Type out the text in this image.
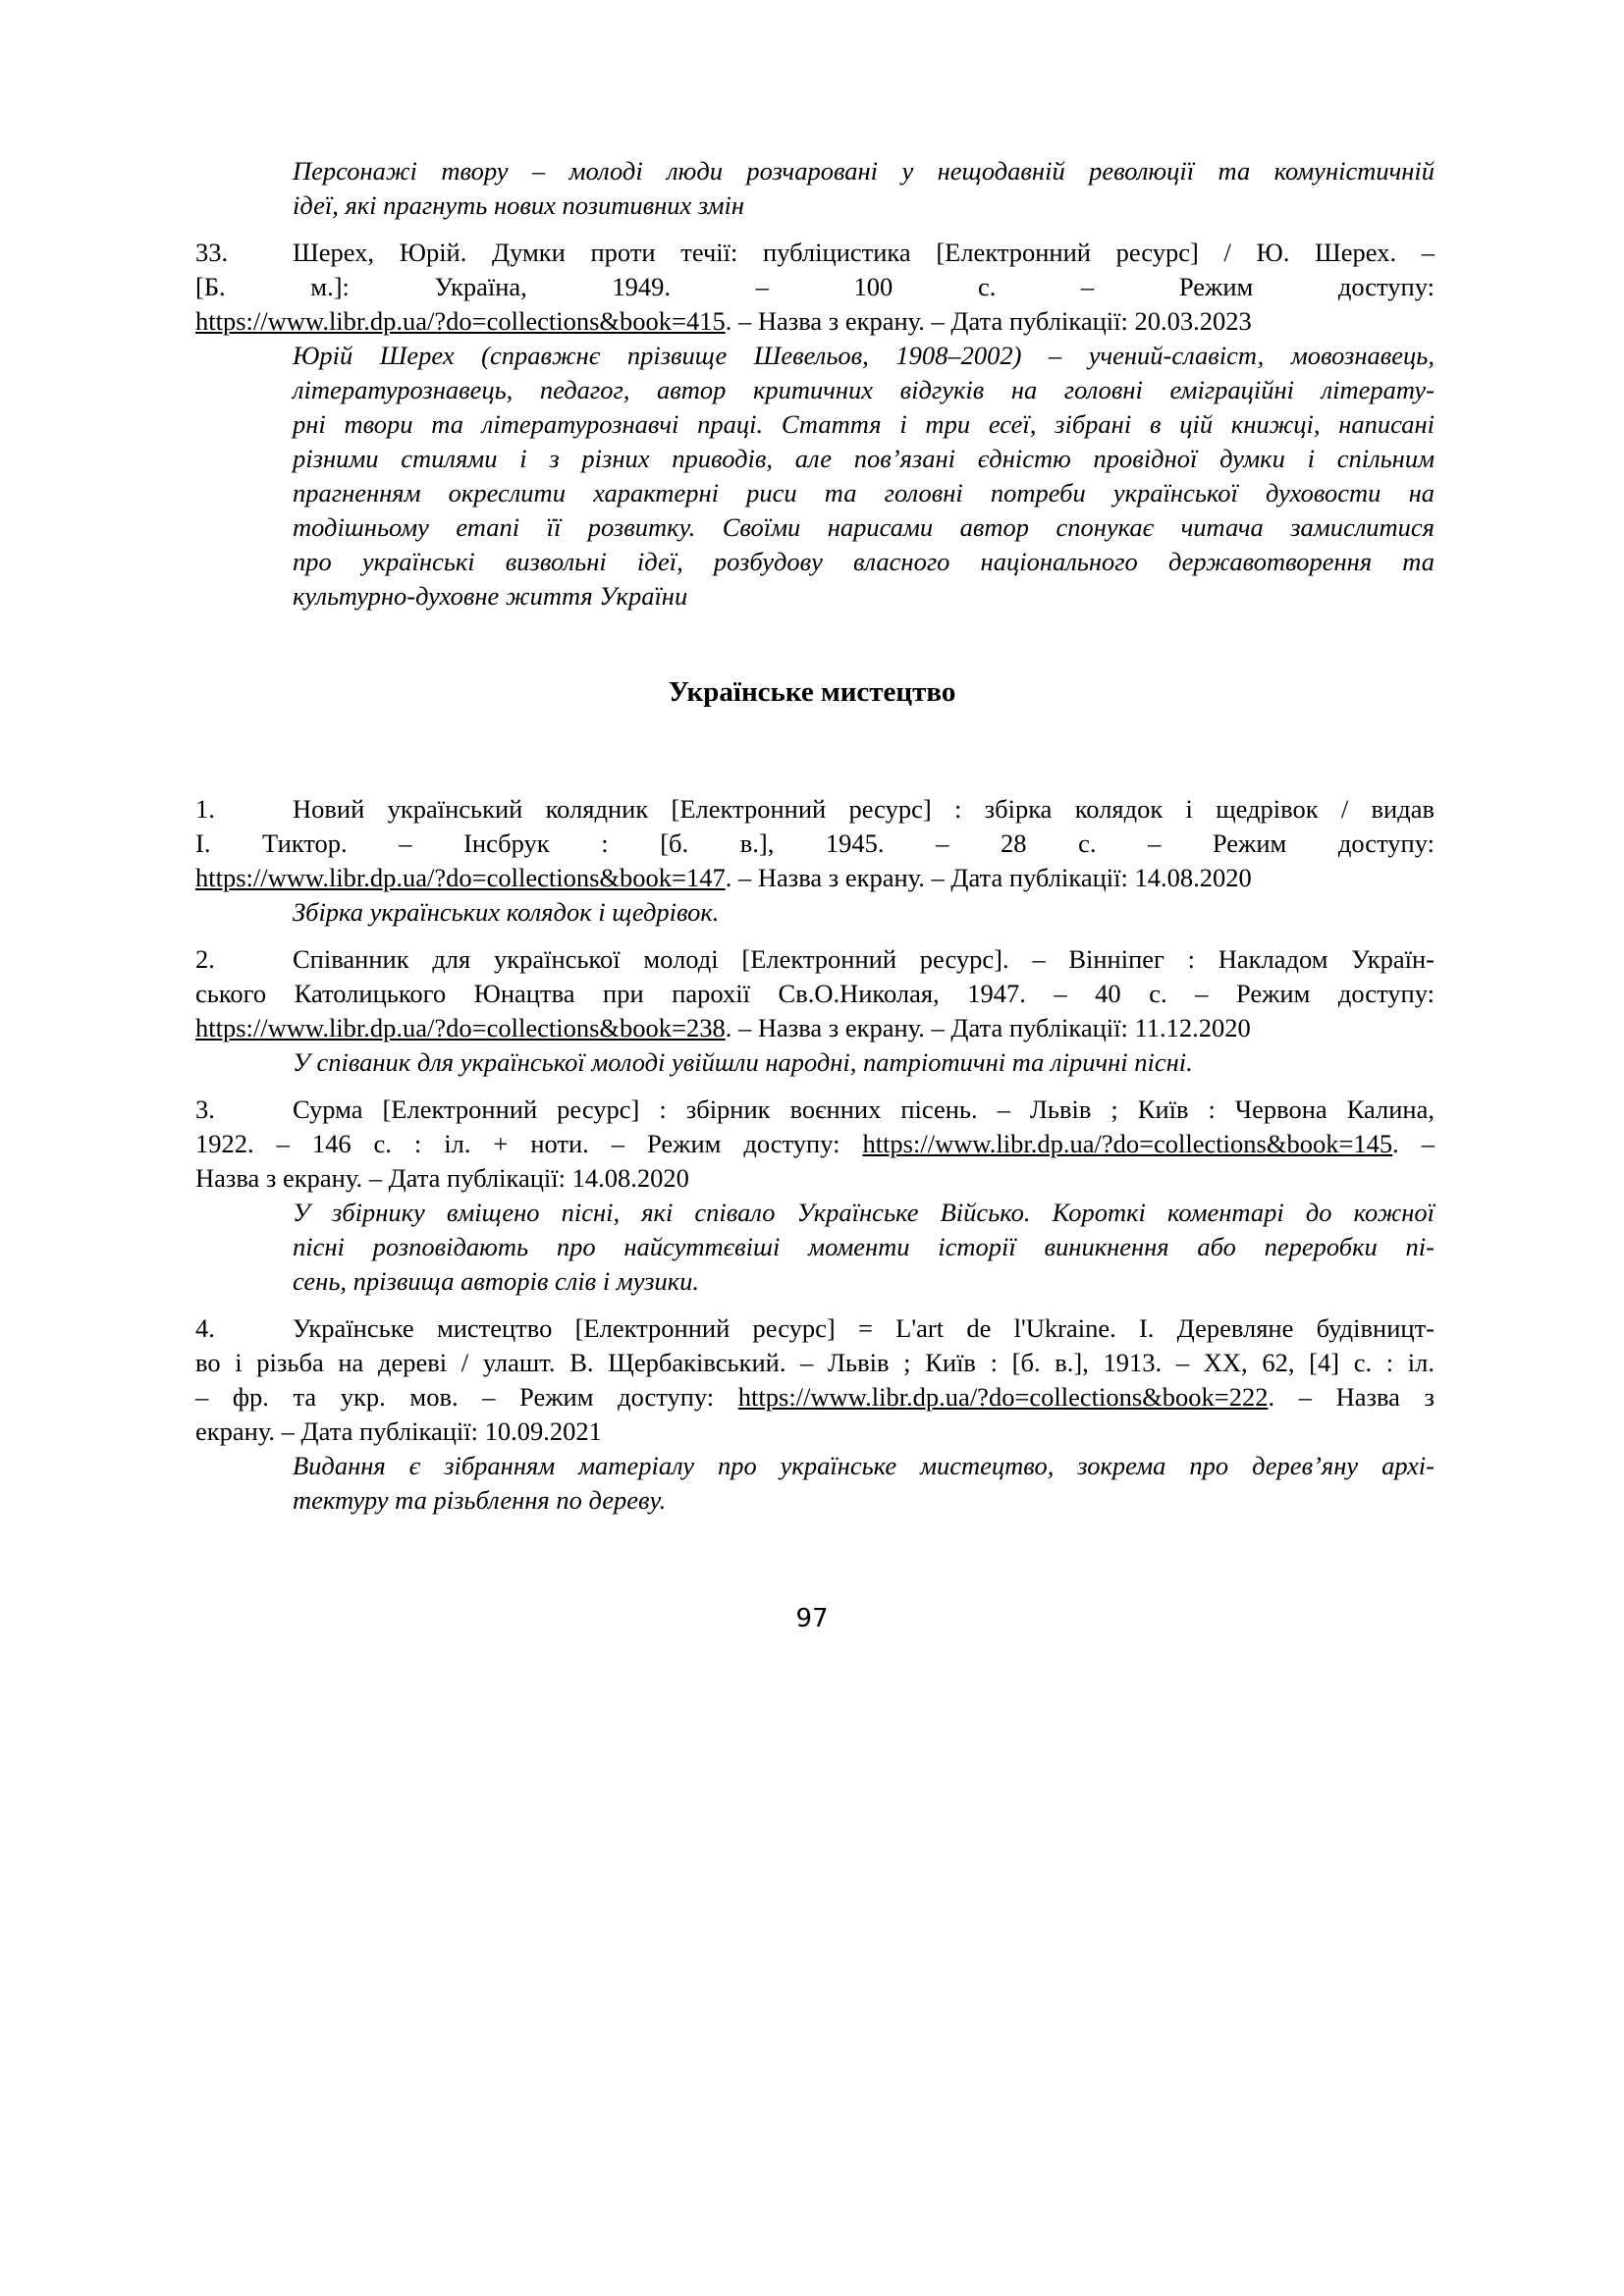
Персонажі твору – молоді люди розчаровані у нещодавній революції та комуністичній
ідеї, які прагнуть нових позитивних змін
33. Шерех, Юрій. Думки проти течії: публіцистика [Електронний ресурс] / Ю. Шерех. –
[Б. м.]: Україна, 1949. – 100 с. – Режим доступу:
https://www.libr.dp.ua/?do=collections&book=415. – Назва з екрану. – Дата публікації: 20.03.2023
Юрій Шерех (справжнє прізвище Шевельов, 1908–2002) – учений-славіст, мовознавець,
літературознавець, педагог, автор критичних відгуків на головні еміграційні літерату-
рні твори та літературознавчі праці. Стаття і три есеї, зібрані в цій книжці, написані
різними стилями і з різних приводів, але пов’язані єдністю провідної думки і спільним
прагненням окреслити характерні риси та головні потреби української духовости на
тодішньому етапі її розвитку. Своїми нарисами автор спонукає читача замислитися
про українські визвольні ідеї, розбудову власного національного державотворення та
культурно-духовне життя України
Українське мистецтво
1.	Новий український колядник [Електронний ресурс] : збірка колядок і щедрівок / видав
І. Тиктор. – Інсбрук : [б. в.], 1945. – 28 с. – Режим доступу:
https://www.libr.dp.ua/?do=collections&book=147. – Назва з екрану. – Дата публікації: 14.08.2020
Збірка українських колядок і щедрівок.
2.	Співанник для української молоді [Електронний ресурс]. – Вінніпег : Накладом Україн-
ського Католицького Юнацтва при парохії Св.О.Николая, 1947. – 40 с. – Режим доступу:
https://www.libr.dp.ua/?do=collections&book=238. – Назва з екрану. – Дата публікації: 11.12.2020
У співаник для української молоді увійшли народні, патріотичні та ліричні пісні.
3.	Сурма [Електронний ресурс] : збірник воєнних пісень. – Львів ; Київ : Червона Калина,
1922. – 146 с. : іл. + ноти. – Режим доступу: https://www.libr.dp.ua/?do=collections&book=145. –
Назва з екрану. – Дата публікації: 14.08.2020
У збірнику вміщено пісні, які співало Українське Військо. Короткі коментарі до кожної
пісні розповідають про найсуттєвіші моменти історії виникнення або переробки пі-
сень, прізвища авторів слів і музики.
4.	Українське мистецтво [Електронний ресурс] = L'art de l'Ukraine. І. Деревляне будівницт-
во і різьба на дереві / улашт. В. Щербаківський. – Львів ; Київ : [б. в.], 1913. – XX, 62, [4] с. : іл.
– фр. та укр. мов. – Режим доступу: https://www.libr.dp.ua/?do=collections&book=222. – Назва з
екрану. – Дата публікації: 10.09.2021
Видання є зібранням матеріалу про українське мистецтво, зокрема про дерев’яну архі-
тектуру та різьблення по дереву.
97
